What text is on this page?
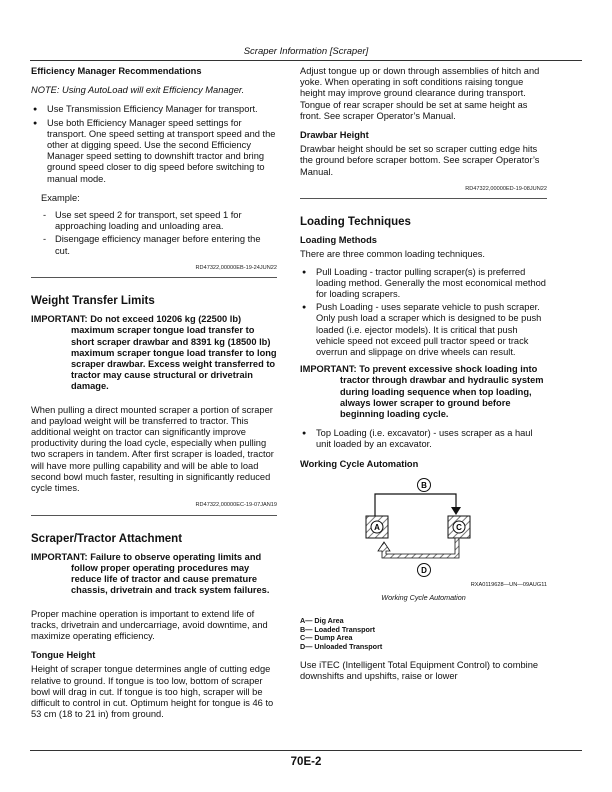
Scraper Information [Scraper]
Efficiency Manager Recommendations

NOTE: Using AutoLoad will exit Efficiency Manager.

● Use Transmission Efficiency Manager for transport.
● Use both Efficiency Manager speed settings for transport. One speed setting at transport speed and the other at digging speed. Use the second Efficiency Manager speed setting to downshift tractor and bring ground speed closer to dig speed before switching to manual mode.

Example:

- Use set speed 2 for transport, set speed 1 for approaching loading and unloading area.
- Disengage efficiency manager before entering the cut.
RD47322,00000EB-19-24JUN22
Weight Transfer Limits
IMPORTANT: Do not exceed 10206 kg (22500 lb) maximum scraper tongue load transfer to short scraper drawbar and 8391 kg (18500 lb) maximum scraper tongue load transfer to long scraper drawbar. Excess weight transferred to tractor may cause structural or drivetrain damage.

When pulling a direct mounted scraper a portion of scraper and payload weight will be transferred to tractor. This additional weight on tractor can significantly improve productivity during the load cycle, especially when pulling two scrapers in tandem. After first scraper is loaded, tractor will have more pulling capability and will be able to load second bowl much faster, resulting in significantly reduced cycle times.

RD47322,00000EC-19-07JAN19
Scraper/Tractor Attachment
IMPORTANT: Failure to observe operating limits and follow proper operating procedures may reduce life of tractor and cause premature chassis, drivetrain and track system failures.

Proper machine operation is important to extend life of tracks, drivetrain and undercarriage, avoid downtime, and maximize operating efficiency.

Tongue Height

Height of scraper tongue determines angle of cutting edge relative to ground. If tongue is too low, bottom of scraper bowl will drag in cut. If tongue is too high, scraper will be difficult to control in cut. Optimum height for tongue is 46 to 53 cm (18 to 21 in) from ground.

Adjust tongue up or down through assemblies of hitch and yoke. When operating in soft conditions raising tongue height may improve ground clearance during transport. Tongue of rear scraper should be set at same height as front. See scraper Operator’s Manual.

Drawbar Height

Drawbar height should be set so scraper cutting edge hits the ground before scraper bottom. See scraper Operator’s Manual.

RD47322,00000ED-19-08JUN22
Loading Techniques
Loading Methods

There are three common loading techniques.

● Pull Loading - tractor pulling scraper(s) is preferred loading method. Generally the most economical method for loading scrapers.
● Push Loading - uses separate vehicle to push scraper. Only push load a scraper which is designed to be push loaded (i.e. ejector models). It is critical that push vehicle speed not exceed pull tractor speed or track overrun and slippage on drive wheels can result.
IMPORTANT: To prevent excessive shock loading into tractor through drawbar and hydraulic system during loading sequence when top loading, always lower scraper to ground before beginning loading cycle.
● Top Loading (i.e. excavator) - uses scraper as a haul unit loaded by an excavator.
Working Cycle Automation
B
A	C
D
RXA0119628—UN—09AUG11
Working Cycle Automation
A— Dig Area
B— Loaded Transport
C— Dump Area
D— Unloaded Transport

Use iTEC (Intelligent Total Equipment Control) to combine downshifts and upshifts, raise or lower

70E-2
